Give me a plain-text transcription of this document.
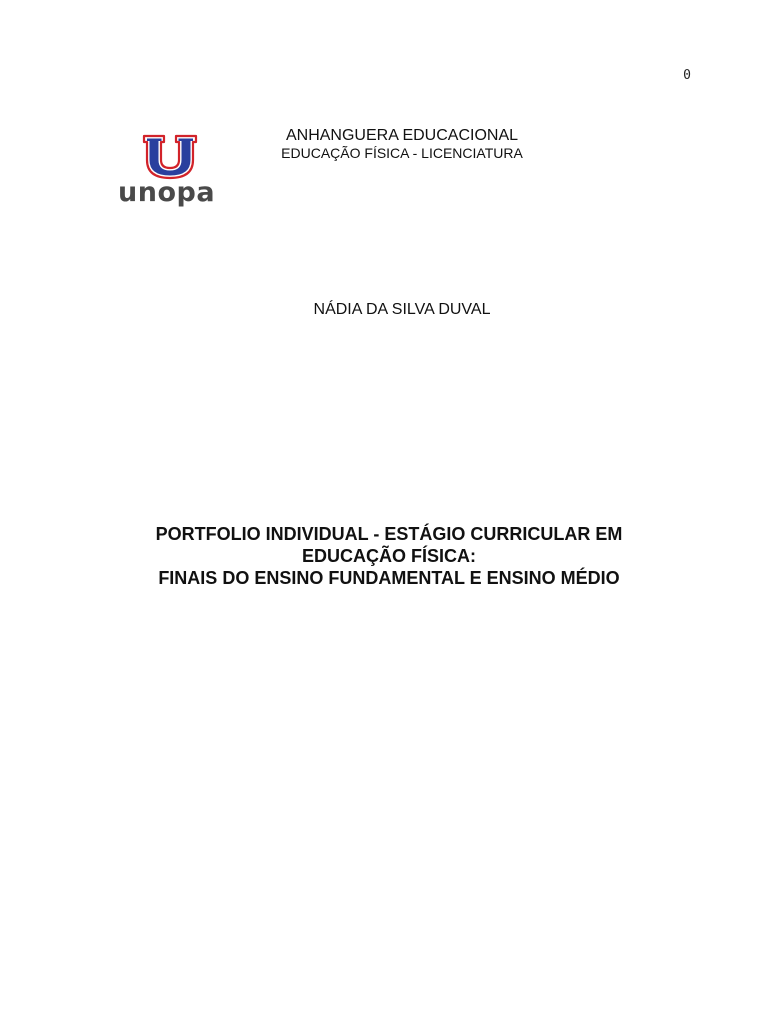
0
unopa
ANHANGUERA EDUCACIONAL
EDUCAÇÃO FÍSICA - LICENCIATURA
NÁDIA DA SILVA DUVAL
PORTFOLIO INDIVIDUAL - ESTÁGIO CURRICULAR EM
EDUCAÇÃO FÍSICA:
FINAIS DO ENSINO FUNDAMENTAL E ENSINO MÉDIO
